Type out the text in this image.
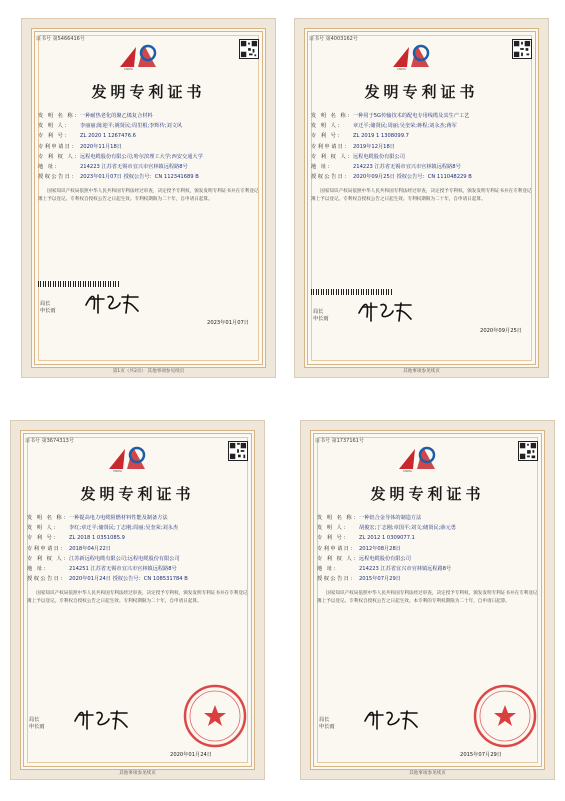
证书号 第5466416号
CNIPA
发明专利证书
发 明 名 称： 一种耐热老化的聚乙烯复合材料
发 明 人：	李丽丽;陈迎平;姚贤民;周里根;李辉传;刘文风
专 利 号：	ZL 2020 1 1267476.6
专利申请日： 2020年11月18日
专 利 权 人： 远程电缆股份有限公司;哈尔滨理工大学;西安交通大学
地 址：	214223 江苏省无锡市宜兴市官林镇远程路8号
授权公告日： 2023年01月07日 授权公告号：CN 112341689 B
国家知识产权局依照中华人民共和国专利法经过审查，决定授予专利权，颁发发明专利证书并在专利登记簿上予以登记。专利权自授权公告之日起生效。专利权期限为二十年，自申请日起算。
局长
申长雨
2023年01月07日
第1页（共2页） 其他事项参见续页
证书号 第4003162号
CNIPA
发明专利证书
发 明 名 称： 一种用于5G传输技术的配电专用线缆及其生产工艺
发 明 人：	章迁平;储贤民;周丽;吴奎荣;蒋程;刘永杰;蒋军
专 利 号：	ZL 2019 1 1308099.7
专利申请日： 2019年12月18日
专 利 权 人： 远程电缆股份有限公司
地 址：	214223 江苏省无锡市宜兴市官林镇远程路8号
授权公告日： 2020年09月25日 授权公告号：CN 111048229 B
国家知识产权局依照中华人民共和国专利法经过审查，决定授予专利权，颁发发明专利证书并在专利登记簿上予以登记。专利权自授权公告之日起生效。专利权期限为二十年，自申请日起算。
局长
申长雨
2020年09月25日
其他事项参见续页
证书号 第3674313号
CNIPA
发明专利证书
发 明 名 称： 一种提高电力电缆阻燃材料性能及制备方法
发 明 人：	李红;章迁平;储贤民;丁志刚;周丽;吴奎荣;刘永杰
专 利 号：	ZL 2018 1 0351085.9
专利申请日： 2018年04月22日
专 利 权 人： 江苏新远程电缆有限公司;远程电缆股份有限公司
地 址：	214251 江苏省无锡市宜兴市官林镇远程路8号
授权公告日： 2020年01月24日 授权公告号：CN 108531784 B
国家知识产权局依照中华人民共和国专利法经过审查，决定授予专利权，颁发发明专利证书并在专利登记簿上予以登记。专利权自授权公告之日起生效。专利权期限为二十年，自申请日起算。
局长
申长雨
2020年01月24日
其他事项参见续页
证书号 第1737161号
CNIPA
发明专利证书
发 明 名 称： 一种铝合金导体的制造方法
发 明 人：	胡俊宏;丁志刚;章国平;刘文;储贤民;薛元勇
专 利 号：	ZL 2012 1 0309077.1
专利申请日： 2012年08月28日
专 利 权 人： 远程电缆股份有限公司
地 址：	214223 江苏省宜兴市官林镇远程路8号
授权公告日： 2015年07月29日
国家知识产权局依照中华人民共和国专利法经过审查，决定授予专利权，颁发发明专利证书并在专利登记簿上予以登记。专利权自授权公告之日起生效。本专利的专利权期限为二十年，自申请日起算。
局长
申长雨
2015年07月29日
其他事项参见续页
